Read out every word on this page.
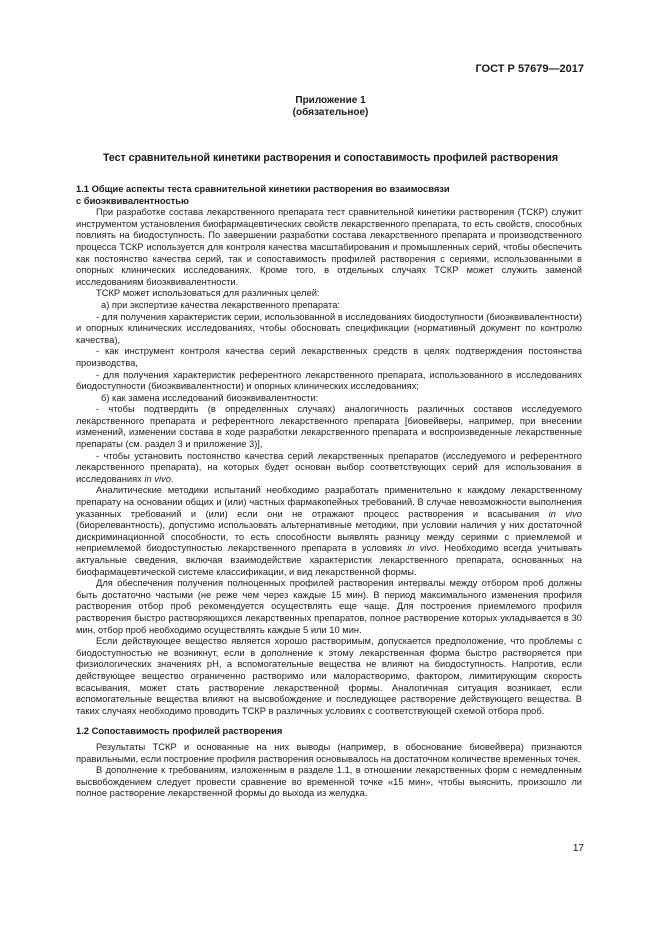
ГОСТ Р 57679—2017
Приложение 1
(обязательное)
Тест сравнительной кинетики растворения и сопоставимость профилей растворения

1.1 Общие аспекты теста сравнительной кинетики растворения во взаимосвязи
с биоэквивалентностью

При разработке состава лекарственного препарата тест сравнительной кинетики растворения (ТСКР) служит инструментом установления биофармацевтических свойств лекарственного препарата, то есть свойств, способных повлиять на биодоступность. По завершении разработки состава лекарственного препарата и производственного процесса ТСКР используется для контроля качества масштабирования и промышленных серий, чтобы обеспечить как постоянство качества серий, так и сопоставимость профилей растворения с сериями, использованными в опорных клинических исследованиях. Кроме того, в отдельных случаях ТСКР может служить заменой исследованиям биоэквивалентности.

ТСКР может использоваться для различных целей:

а) при экспертизе качества лекарственного препарата:

- для получения характеристик серии, использованной в исследованиях биодоступности (биоэквивалентности) и опорных клинических исследованиях, чтобы обосновать спецификации (нормативный документ по контролю качества),

- как инструмент контроля качества серий лекарственных средств в целях подтверждения постоянства производства,

- для получения характеристик референтного лекарственного препарата, использованного в исследованиях биодоступности (биоэквивалентности) и опорных клинических исследованиях;

б) как замена исследований биоэквивалентности:

- чтобы подтвердить (в определенных случаях) аналогичность различных составов исследуемого лекарственного препарата и референтного лекарственного препарата [биовейверы, например, при внесении изменений, изменении состава в ходе разработки лекарственного препарата и воспроизведенные лекарственные препараты (см. раздел 3 и приложение 3)],

- чтобы установить постоянство качества серий лекарственных препаратов (исследуемого и референтного лекарственного препарата), на которых будет основан выбор соответствующих серий для использования в исследованиях in vivo.

Аналитические методики испытаний необходимо разработать применительно к каждому лекарственному препарату на основании общих и (или) частных фармакопейных требований. В случае невозможности выполнения указанных требований и (или) если они не отражают процесс растворения и всасывания in vivo (биорелевантность), допустимо использовать альтернативные методики, при условии наличия у них достаточной дискриминационной способности, то есть способности выявлять разницу между сериями с приемлемой и неприемлемой биодоступностью лекарственного препарата в условиях in vivo. Необходимо всегда учитывать актуальные сведения, включая взаимодействие характеристик лекарственного препарата, основанных на биофармацевтической системе классификации, и вид лекарственной формы.

Для обеспечения получения полноценных профилей растворения интервалы между отбором проб должны быть достаточно частыми (не реже чем через каждые 15 мин). В период максимального изменения профиля растворения отбор проб рекомендуется осуществлять еще чаще. Для построения приемлемого профиля растворения быстро растворяющихся лекарственных препаратов, полное растворение которых укладывается в 30 мин, отбор проб необходимо осуществлять каждые 5 или 10 мин.

Если действующее вещество является хорошо растворимым, допускается предположение, что проблемы с биодоступностью не возникнут, если в дополнение к этому лекарственная форма быстро растворяется при физиологических значениях pH, а вспомогательные вещества не влияют на биодоступность. Напротив, если действующее вещество ограниченно растворимо или малорастворимо, фактором, лимитирующим скорость всасывания, может стать растворение лекарственной формы. Аналогичная ситуация возникает, если вспомогательные вещества влияют на высвобождение и последующее растворение действующего вещества. В таких случаях необходимо проводить ТСКР в различных условиях с соответствующей схемой отбора проб.

1.2 Сопоставимость профилей растворения

Результаты ТСКР и основанные на них выводы (например, в обоснование биовейвера) признаются правильными, если построение профиля растворения основывалось на достаточном количестве временных точек.

В дополнение к требованиям, изложенным в разделе 1.1, в отношении лекарственных форм с немедленным высвобождением следует провести сравнение во временной точке «15 мин», чтобы выяснить, произошло ли полное растворение лекарственной формы до выхода из желудка.

17
